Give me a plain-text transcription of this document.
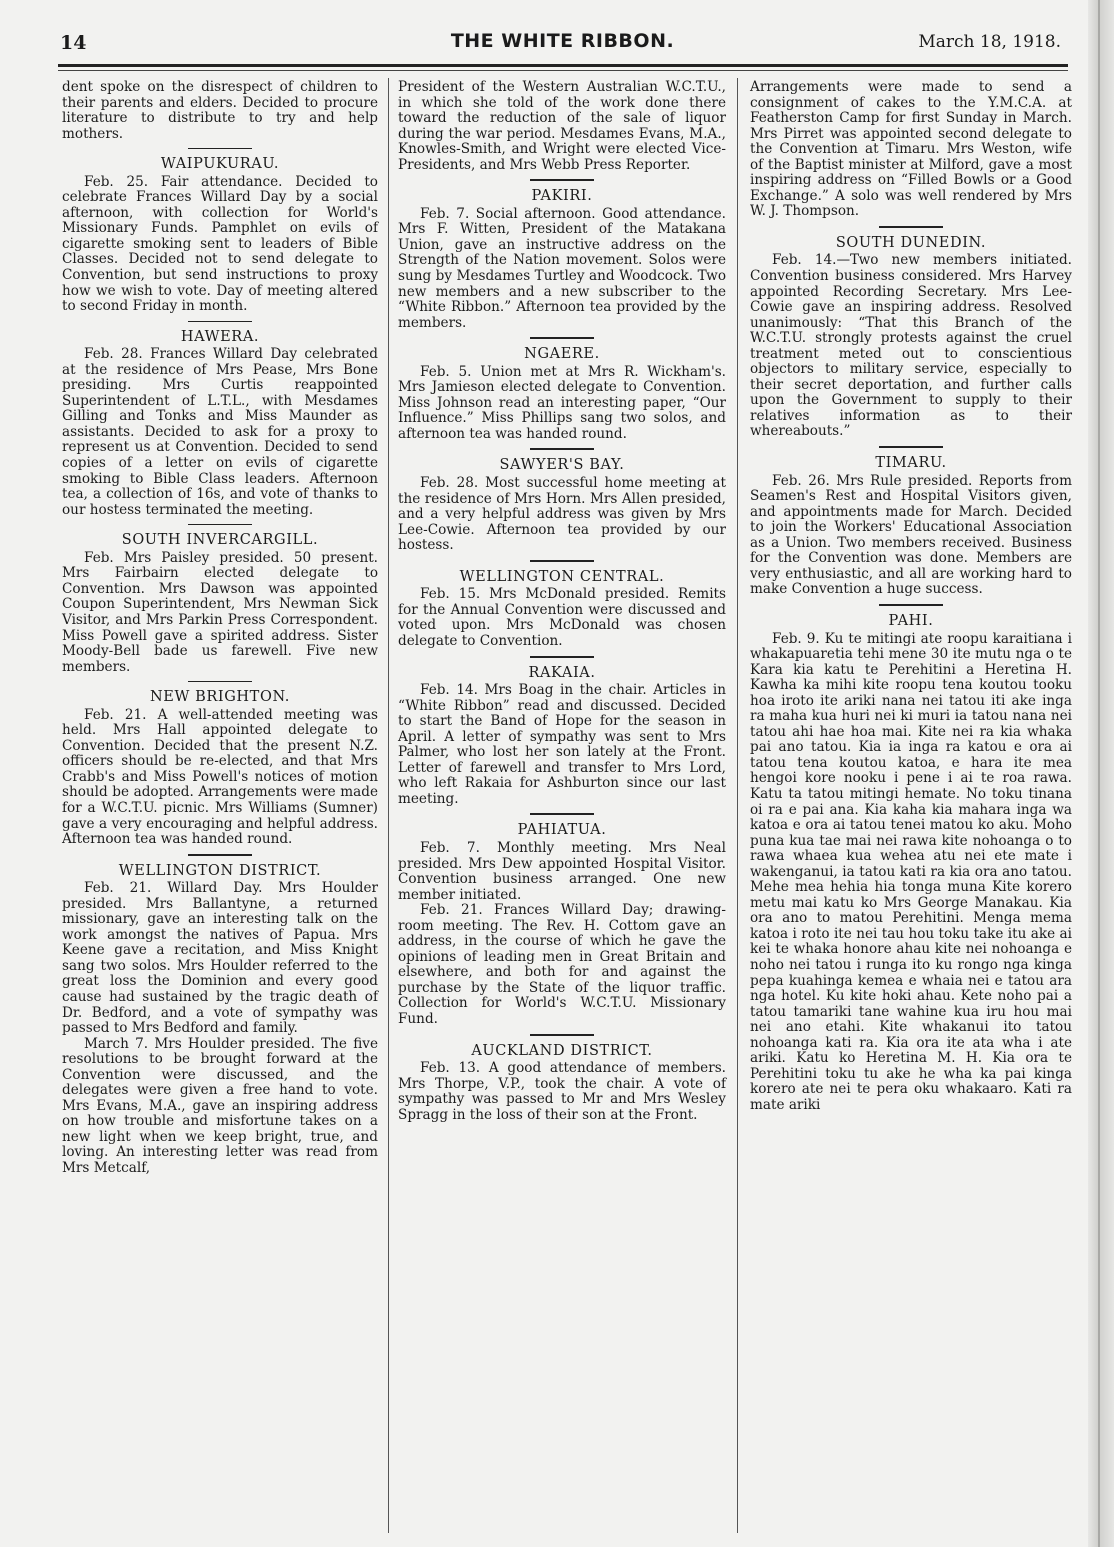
14	THE WHITE RIBBON.	March 18, 1918.

dent spoke on the disrespect of children to their parents and elders. Decided to procure literature to distribute to try and help mothers.

WAIPUKURAU.

Feb. 25. Fair attendance. Decided to celebrate Frances Willard Day by a social afternoon, with collection for World's Missionary Funds. Pamphlet on evils of cigarette smoking sent to leaders of Bible Classes. Decided not to send delegate to Convention, but send instructions to proxy how we wish to vote. Day of meeting altered to second Friday in month.

HAWERA.

Feb. 28. Frances Willard Day celebrated at the residence of Mrs Pease, Mrs Bone presiding. Mrs Curtis reappointed Superintendent of L.T.L., with Mesdames Gilling and Tonks and Miss Maunder as assistants. Decided to ask for a proxy to represent us at Convention. Decided to send copies of a letter on evils of cigarette smoking to Bible Class leaders. Afternoon tea, a collection of 16s, and vote of thanks to our hostess terminated the meeting.

SOUTH INVERCARGILL.

Feb. Mrs Paisley presided. 50 present. Mrs Fairbairn elected delegate to Convention. Mrs Dawson was appointed Coupon Superintendent, Mrs Newman Sick Visitor, and Mrs Parkin Press Correspondent. Miss Powell gave a spirited address. Sister Moody-Bell bade us farewell. Five new members.

NEW BRIGHTON.

Feb. 21. A well-attended meeting was held. Mrs Hall appointed delegate to Convention. Decided that the present N.Z. officers should be re-elected, and that Mrs Crabb's and Miss Powell's notices of motion should be adopted. Arrangements were made for a W.C.T.U. picnic. Mrs Williams (Sumner) gave a very encouraging and helpful address. Afternoon tea was handed round.

WELLINGTON DISTRICT.

Feb. 21. Willard Day. Mrs Houlder presided. Mrs Ballantyne, a returned missionary, gave an interesting talk on the work amongst the natives of Papua. Mrs Keene gave a recitation, and Miss Knight sang two solos. Mrs Houlder referred to the great loss the Dominion and every good cause had sustained by the tragic death of Dr. Bedford, and a vote of sympathy was passed to Mrs Bedford and family.

March 7. Mrs Houlder presided. The five resolutions to be brought forward at the Convention were discussed, and the delegates were given a free hand to vote. Mrs Evans, M.A., gave an inspiring address on how trouble and misfortune takes on a new light when we keep bright, true, and loving. An interesting letter was read from Mrs Metcalf,

President of the Western Australian W.C.T.U., in which she told of the work done there toward the reduction of the sale of liquor during the war period. Mesdames Evans, M.A., Knowles-Smith, and Wright were elected Vice-Presidents, and Mrs Webb Press Reporter.

PAKIRI.

Feb. 7. Social afternoon. Good attendance. Mrs F. Witten, President of the Matakana Union, gave an instructive address on the Strength of the Nation movement. Solos were sung by Mesdames Turtley and Woodcock. Two new members and a new subscriber to the “White Ribbon.” Afternoon tea provided by the members.

NGAERE.

Feb. 5. Union met at Mrs R. Wickham's. Mrs Jamieson elected delegate to Convention. Miss Johnson read an interesting paper, “Our Influence.” Miss Phillips sang two solos, and afternoon tea was handed round.

SAWYER'S BAY.

Feb. 28. Most successful home meeting at the residence of Mrs Horn. Mrs Allen presided, and a very helpful address was given by Mrs Lee-Cowie. Afternoon tea provided by our hostess.

WELLINGTON CENTRAL.

Feb. 15. Mrs McDonald presided. Remits for the Annual Convention were discussed and voted upon. Mrs McDonald was chosen delegate to Convention.

RAKAIA.

Feb. 14. Mrs Boag in the chair. Articles in “White Ribbon” read and discussed. Decided to start the Band of Hope for the season in April. A letter of sympathy was sent to Mrs Palmer, who lost her son lately at the Front. Letter of farewell and transfer to Mrs Lord, who left Rakaia for Ashburton since our last meeting.

PAHIATUA.

Feb. 7. Monthly meeting. Mrs Neal presided. Mrs Dew appointed Hospital Visitor. Convention business arranged. One new member initiated.

Feb. 21. Frances Willard Day; drawing-room meeting. The Rev. H. Cottom gave an address, in the course of which he gave the opinions of leading men in Great Britain and elsewhere, and both for and against the purchase by the State of the liquor traffic. Collection for World's W.C.T.U. Missionary Fund.

AUCKLAND DISTRICT.

Feb. 13. A good attendance of members. Mrs Thorpe, V.P., took the chair. A vote of sympathy was passed to Mr and Mrs Wesley Spragg in the loss of their son at the Front.

Arrangements were made to send a consignment of cakes to the Y.M.C.A. at Featherston Camp for first Sunday in March. Mrs Pirret was appointed second delegate to the Convention at Timaru. Mrs Weston, wife of the Baptist minister at Milford, gave a most inspiring address on “Filled Bowls or a Good Exchange.” A solo was well rendered by Mrs W. J. Thompson.

SOUTH DUNEDIN.

Feb. 14.—Two new members initiated. Convention business considered. Mrs Harvey appointed Recording Secretary. Mrs Lee-Cowie gave an inspiring address. Resolved unanimously: “That this Branch of the W.C.T.U. strongly protests against the cruel treatment meted out to conscientious objectors to military service, especially to their secret deportation, and further calls upon the Government to supply to their relatives information as to their whereabouts.”

TIMARU.

Feb. 26. Mrs Rule presided. Reports from Seamen's Rest and Hospital Visitors given, and appointments made for March. Decided to join the Workers' Educational Association as a Union. Two members received. Business for the Convention was done. Members are very enthusiastic, and all are working hard to make Convention a huge success.

PAHI.

Feb. 9. Ku te mitingi ate roopu karaitiana i whakapuaretia tehi mene 30 ite mutu nga o te Kara kia katu te Perehitini a Heretina H. Kawha ka mihi kite roopu tena koutou tooku hoa iroto ite ariki nana nei tatou iti ake inga ra maha kua huri nei ki muri ia tatou nana nei tatou ahi hae hoa mai. Kite nei ra kia whaka pai ano tatou. Kia ia inga ra katou e ora ai tatou tena koutou katoa, e hara ite mea hengoi kore nooku i pene i ai te roa rawa. Katu ta tatou mitingi hemate. No toku tinana oi ra e pai ana. Kia kaha kia mahara inga wa katoa e ora ai tatou tenei matou ko aku. Moho puna kua tae mai nei rawa kite nohoanga o to rawa whaea kua wehea atu nei ete mate i wakenganui, ia tatou kati ra kia ora ano tatou. Mehe mea hehia hia tonga muna Kite korero metu mai katu ko Mrs George Manakau. Kia ora ano to matou Perehitini. Menga mema katoa i roto ite nei tau hou toku take itu ake ai kei te whaka honore ahau kite nei nohoanga e noho nei tatou i runga ito ku rongo nga kinga pepa kuahinga kemea e whaia nei e tatou ara nga hotel. Ku kite hoki ahau. Kete noho pai a tatou tamariki tane wahine kua iru hou mai nei ano etahi. Kite whakanui ito tatou nohoanga kati ra. Kia ora ite ata wha i ate ariki. Katu ko Heretina M. H. Kia ora te Perehitini toku tu ake he wha ka pai kinga korero ate nei te pera oku whakaaro. Kati ra mate ariki
